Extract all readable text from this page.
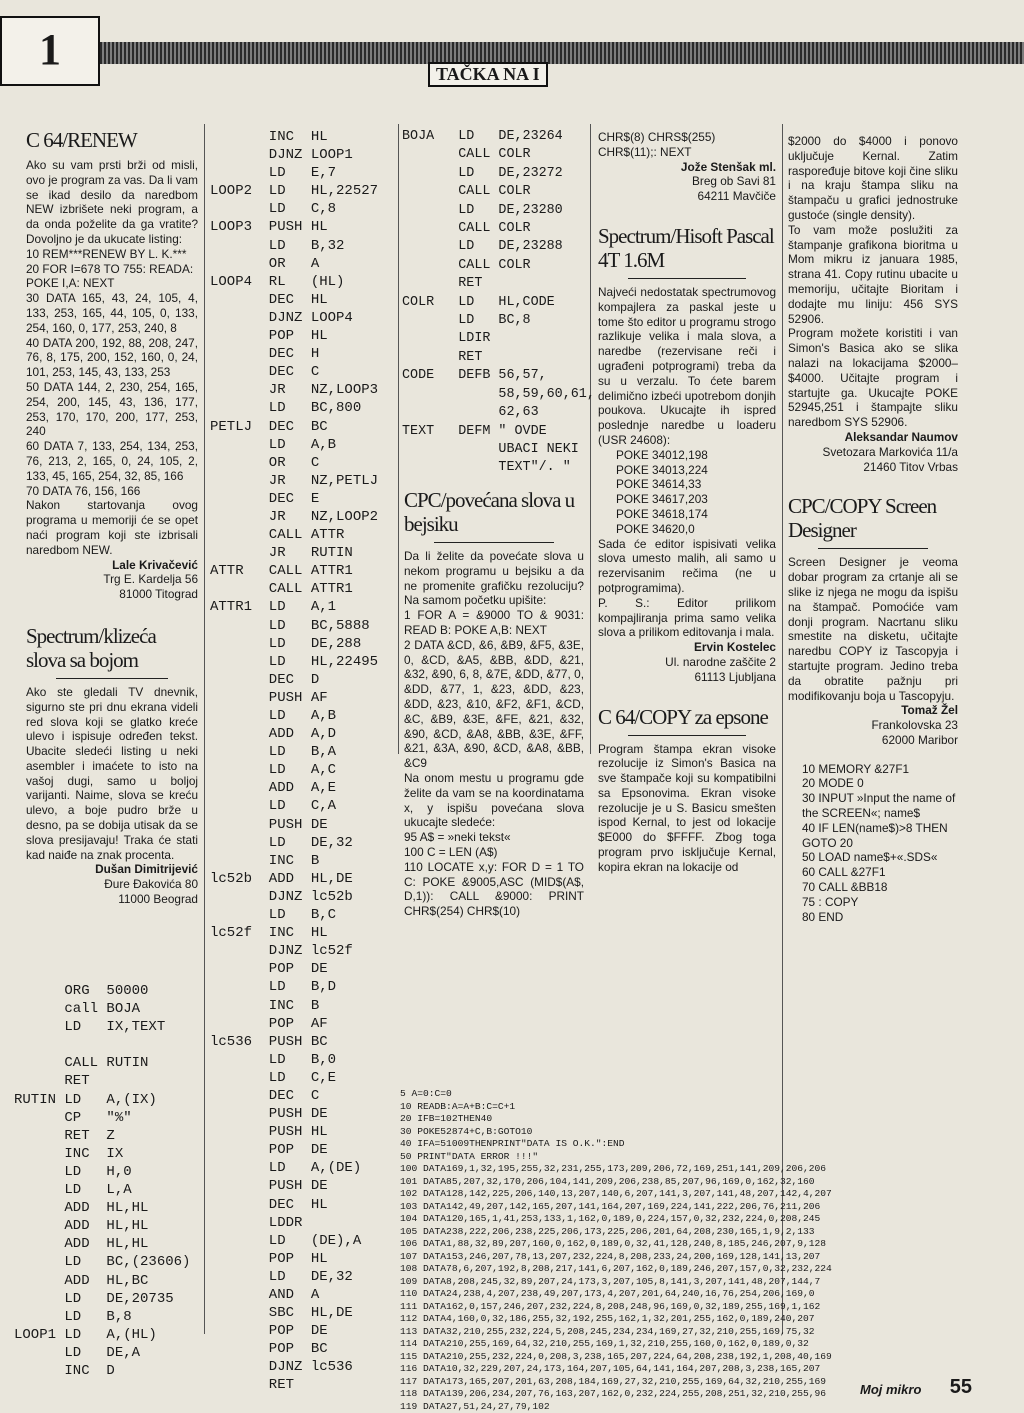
1	TAČKA NA I
C 64/RENEW

Ako su vam prsti brži od misli, ovo je program za vas. Da li vam se ikad desilo da naredbom NEW izbrišete neki program, a da onda poželite da ga vratite? Dovoljno je da ukucate listing:

10 REM***RENEW BY L. K.***

20 FOR I=678 TO 755: READA: POKE I,A: NEXT

30 DATA 165, 43, 24, 105, 4, 133, 253, 165, 44, 105, 0, 133, 254, 160, 0, 177, 253, 240, 8

40 DATA 200, 192, 88, 208, 247, 76, 8, 175, 200, 152, 160, 0, 24, 101, 253, 145, 43, 133, 253

50 DATA 144, 2, 230, 254, 165, 254, 200, 145, 43, 136, 177, 253, 170, 170, 200, 177, 253, 240

60 DATA 7, 133, 254, 134, 253, 76, 213, 2, 165, 0, 24, 105, 2, 133, 45, 165, 254, 32, 85, 166

70 DATA 76, 156, 166

Nakon startovanja ovog programa u memoriji će se opet naći program koji ste izbrisali naredbom NEW.

Lale Krivačević

Trg E. Kardelja 56

81000 Titograd

Spectrum/klizeća slova sa bojom

Ako ste gledali TV dnevnik, sigurno ste pri dnu ekrana videli red slova koji se glatko kreće ulevo i ispisuje određen tekst. Ubacite sledeći listing u neki asembler i imaćete to isto na vašoj dugi, samo u boljoj varijanti. Naime, slova se kreću ulevo, a boje pudro brže u desno, pa se dobija utisak da se slova presijavaju! Traka će stati kad naiđe na znak procenta.

Dušan Dimitrijević

Đure Đakovića 80

11000 Beograd

INC  HL
DJNZ LOOP1
LD   E,7
LOOP2  LD   HL,22527
LD   C,8
LOOP3  PUSH HL
LD   B,32
OR   A
LOOP4  RL   (HL)
DEC  HL
DJNZ LOOP4
POP  HL
DEC  H
DEC  C
JR   NZ,LOOP3
LD   BC,800
PETLJ  DEC  BC
LD   A,B
OR   C
JR   NZ,PETLJ
DEC  E
JR   NZ,LOOP2
CALL ATTR
JR   RUTIN
ATTR   CALL ATTR1
CALL ATTR1
ATTR1  LD   A,1
LD   BC,5888
LD   DE,288
LD   HL,22495
DEC  D
PUSH AF
LD   A,B
ADD  A,D
LD   B,A
LD   A,C
ADD  A,E
LD   C,A
PUSH DE
LD   DE,32
INC  B
lc52b  ADD  HL,DE
DJNZ lc52b
LD   B,C
lc52f  INC  HL
DJNZ lc52f
POP  DE
LD   B,D
INC  B
POP  AF
lc536  PUSH BC
LD   B,0
LD   C,E
DEC  C
PUSH DE
PUSH HL
POP  DE
LD   A,(DE)
PUSH DE
DEC  HL
LDDR
LD   (DE),A
POP  HL
LD   DE,32
AND  A
SBC  HL,DE
POP  DE
POP  BC
DJNZ lc536
RET
ORG  50000
call BOJA
LD   IX,TEXT

CALL RUTIN
RET
RUTIN LD   A,(IX)
CP   "%"
RET  Z
INC  IX
LD   H,0
LD   L,A
ADD  HL,HL
ADD  HL,HL
ADD  HL,HL
LD   BC,(23606)
ADD  HL,BC
LD   DE,20735
LD   B,8
LOOP1 LD   A,(HL)
LD   DE,A
INC  D
BOJA   LD   DE,23264
CALL COLR
LD   DE,23272
CALL COLR
LD   DE,23280
CALL COLR
LD   DE,23288
CALL COLR
RET
COLR   LD   HL,CODE
LD   BC,8
LDIR
RET
CODE   DEFB 56,57,
58,59,60,61,
62,63
TEXT   DEFM " OVDE
UBACI NEKI
TEXT"/. "
CPC/povećana slova u bejsiku

Da li želite da povećate slova u nekom programu u bejsiku a da ne promenite grafičku rezoluciju? Na samom početku upišite:

1 FOR A = &9000 TO & 9031: READ B: POKE A,B: NEXT

2 DATA &CD, &6, &B9, &F5, &3E, 0, &CD, &A5, &BB, &DD, &21, &32, &90, 6, 8, &7E, &DD, &77, 0, &DD, &77, 1, &23, &DD, &23, &DD, &23, &10, &F2, &F1, &CD, &C, &B9, &3E, &FE, &21, &32, &90, &CD, &A8, &BB, &3E, &FF, &21, &3A, &90, &CD, &A8, &BB, &C9

Na onom mestu u programu gde želite da vam se na koordinatama x, y ispišu povećana slova ukucajte sledeće:

95 A$ = »neki tekst«

100 C = LEN (A$)

110 LOCATE x,y: FOR D = 1 TO C: POKE &9005,ASC (MID$(A$, D,1)): CALL &9000: PRINT CHR$(254) CHR$(10)

CHR$(8) CHRS$(255)

CHR$(11);: NEXT

Jože Stenšak ml.

Breg ob Savi 81

64211 Mavčiče

Spectrum/Hisoft Pascal 4T 1.6M

Najveći nedostatak spectrumovog kompajlera za paskal jeste u tome što editor u programu strogo razlikuje velika i mala slova, a naredbe (rezervisane reči i ugrađeni potprogrami) treba da su u verzalu. To ćete barem delimično izbeći upotrebom donjih poukova. Ukucajte ih ispred poslednje naredbe u loaderu (USR 24608):

POKE 34012,198

POKE 34013,224

POKE 34614,33

POKE 34617,203

POKE 34618,174

POKE 34620,0

Sada će editor ispisivati velika slova umesto malih, ali samo u rezervisanim rečima (ne u potprogramima).

P. S.: Editor prilikom kompajliranja prima samo velika slova a prilikom editovanja i mala.

Ervin Kostelec

Ul. narodne zaščite 2

61113 Ljubljana

C 64/COPY za epsone

Program štampa ekran visoke rezolucije iz Simon's Basica na sve štampače koji su kompatibilni sa Epsonovima. Ekran visoke rezolucije je u S. Basicu smešten ispod Kernal, to jest od lokacije $E000 do $FFFF. Zbog toga program prvo isključuje Kernal, kopira ekran na lokacije od

$2000 do $4000 i ponovo uključuje Kernal. Zatim raspoređuje bitove koji čine sliku i na kraju štampa sliku na štampaču u grafici jednostruke gustoće (single density).

To vam može poslužiti za štampanje grafikona bioritma u Mom mikru iz januara 1985, strana 41. Copy rutinu ubacite u memoriju, učitajte Bioritam i dodajte mu liniju: 456 SYS 52906.

Program možete koristiti i van Simon's Basica ako se slika nalazi na lokacijama $2000–$4000. Učitajte program i startujte ga. Ukucajte POKE 52945,251 i štampajte sliku naredbom SYS 52906.

Aleksandar Naumov

Svetozara Markovića 11/a

21460 Titov Vrbas

CPC/COPY Screen Designer

Screen Designer je veoma dobar program za crtanje ali se slike iz njega ne mogu da ispišu na štampač. Pomoćiće vam donji program. Nacrtanu sliku smestite na disketu, učitajte naredbu COPY iz Tascopyja i startujte program. Jedino treba da obratite pažnju pri modifikovanju boja u Tascopyju.

Tomaž Žel

Frankolovska 23

62000 Maribor

10 MEMORY &27F1

20 MODE 0

30 INPUT »Input the name of the SCREEN«; name$

40 IF LEN(name$)>8 THEN GOTO 20

50 LOAD name$+«.SDS«

60 CALL &27F1

70 CALL &BB18

75 : COPY

80 END

5 A=0:C=0
10 READB:A=A+B:C=C+1
20 IFB=102THEN40
30 POKE52874+C,B:GOTO10
40 IFA=51009THENPRINT"DATA IS O.K.":END
50 PRINT"DATA ERROR !!!"
100 DATA169,1,32,195,255,32,231,255,173,209,206,72,169,251,141,209,206,206
101 DATA85,207,32,170,206,104,141,209,206,238,85,207,96,169,0,162,32,160
102 DATA128,142,225,206,140,13,207,140,6,207,141,3,207,141,48,207,142,4,207
103 DATA142,49,207,142,165,207,141,164,207,169,224,141,222,206,76,211,206
104 DATA120,165,1,41,253,133,1,162,0,189,0,224,157,0,32,232,224,0,208,245
105 DATA238,222,206,238,225,206,173,225,206,201,64,208,230,165,1,9,2,133
106 DATA1,88,32,89,207,160,0,162,0,189,0,32,41,128,240,8,185,246,207,9,128
107 DATA153,246,207,78,13,207,232,224,8,208,233,24,200,169,128,141,13,207
108 DATA78,6,207,192,8,208,217,141,6,207,162,0,189,246,207,157,0,32,232,224
109 DATA8,208,245,32,89,207,24,173,3,207,105,8,141,3,207,141,48,207,144,7
110 DATA24,238,4,207,238,49,207,173,4,207,201,64,240,16,76,254,206,169,0
111 DATA162,0,157,246,207,232,224,8,208,248,96,169,0,32,189,255,169,1,162
112 DATA4,160,0,32,186,255,32,192,255,162,1,32,201,255,162,0,189,240,207
113 DATA32,210,255,232,224,5,208,245,234,234,169,27,32,210,255,169,75,32
114 DATA210,255,169,64,32,210,255,169,1,32,210,255,160,0,162,0,189,0,32
115 DATA210,255,232,224,0,208,3,238,165,207,224,64,208,238,192,1,208,40,169
116 DATA10,32,229,207,24,173,164,207,105,64,141,164,207,208,3,238,165,207
117 DATA173,165,207,201,63,208,184,169,27,32,210,255,169,64,32,210,255,169
118 DATA139,206,234,207,76,163,207,162,0,232,224,255,208,251,32,210,255,96
119 DATA27,51,24,27,79,102
Moj mikro 55
